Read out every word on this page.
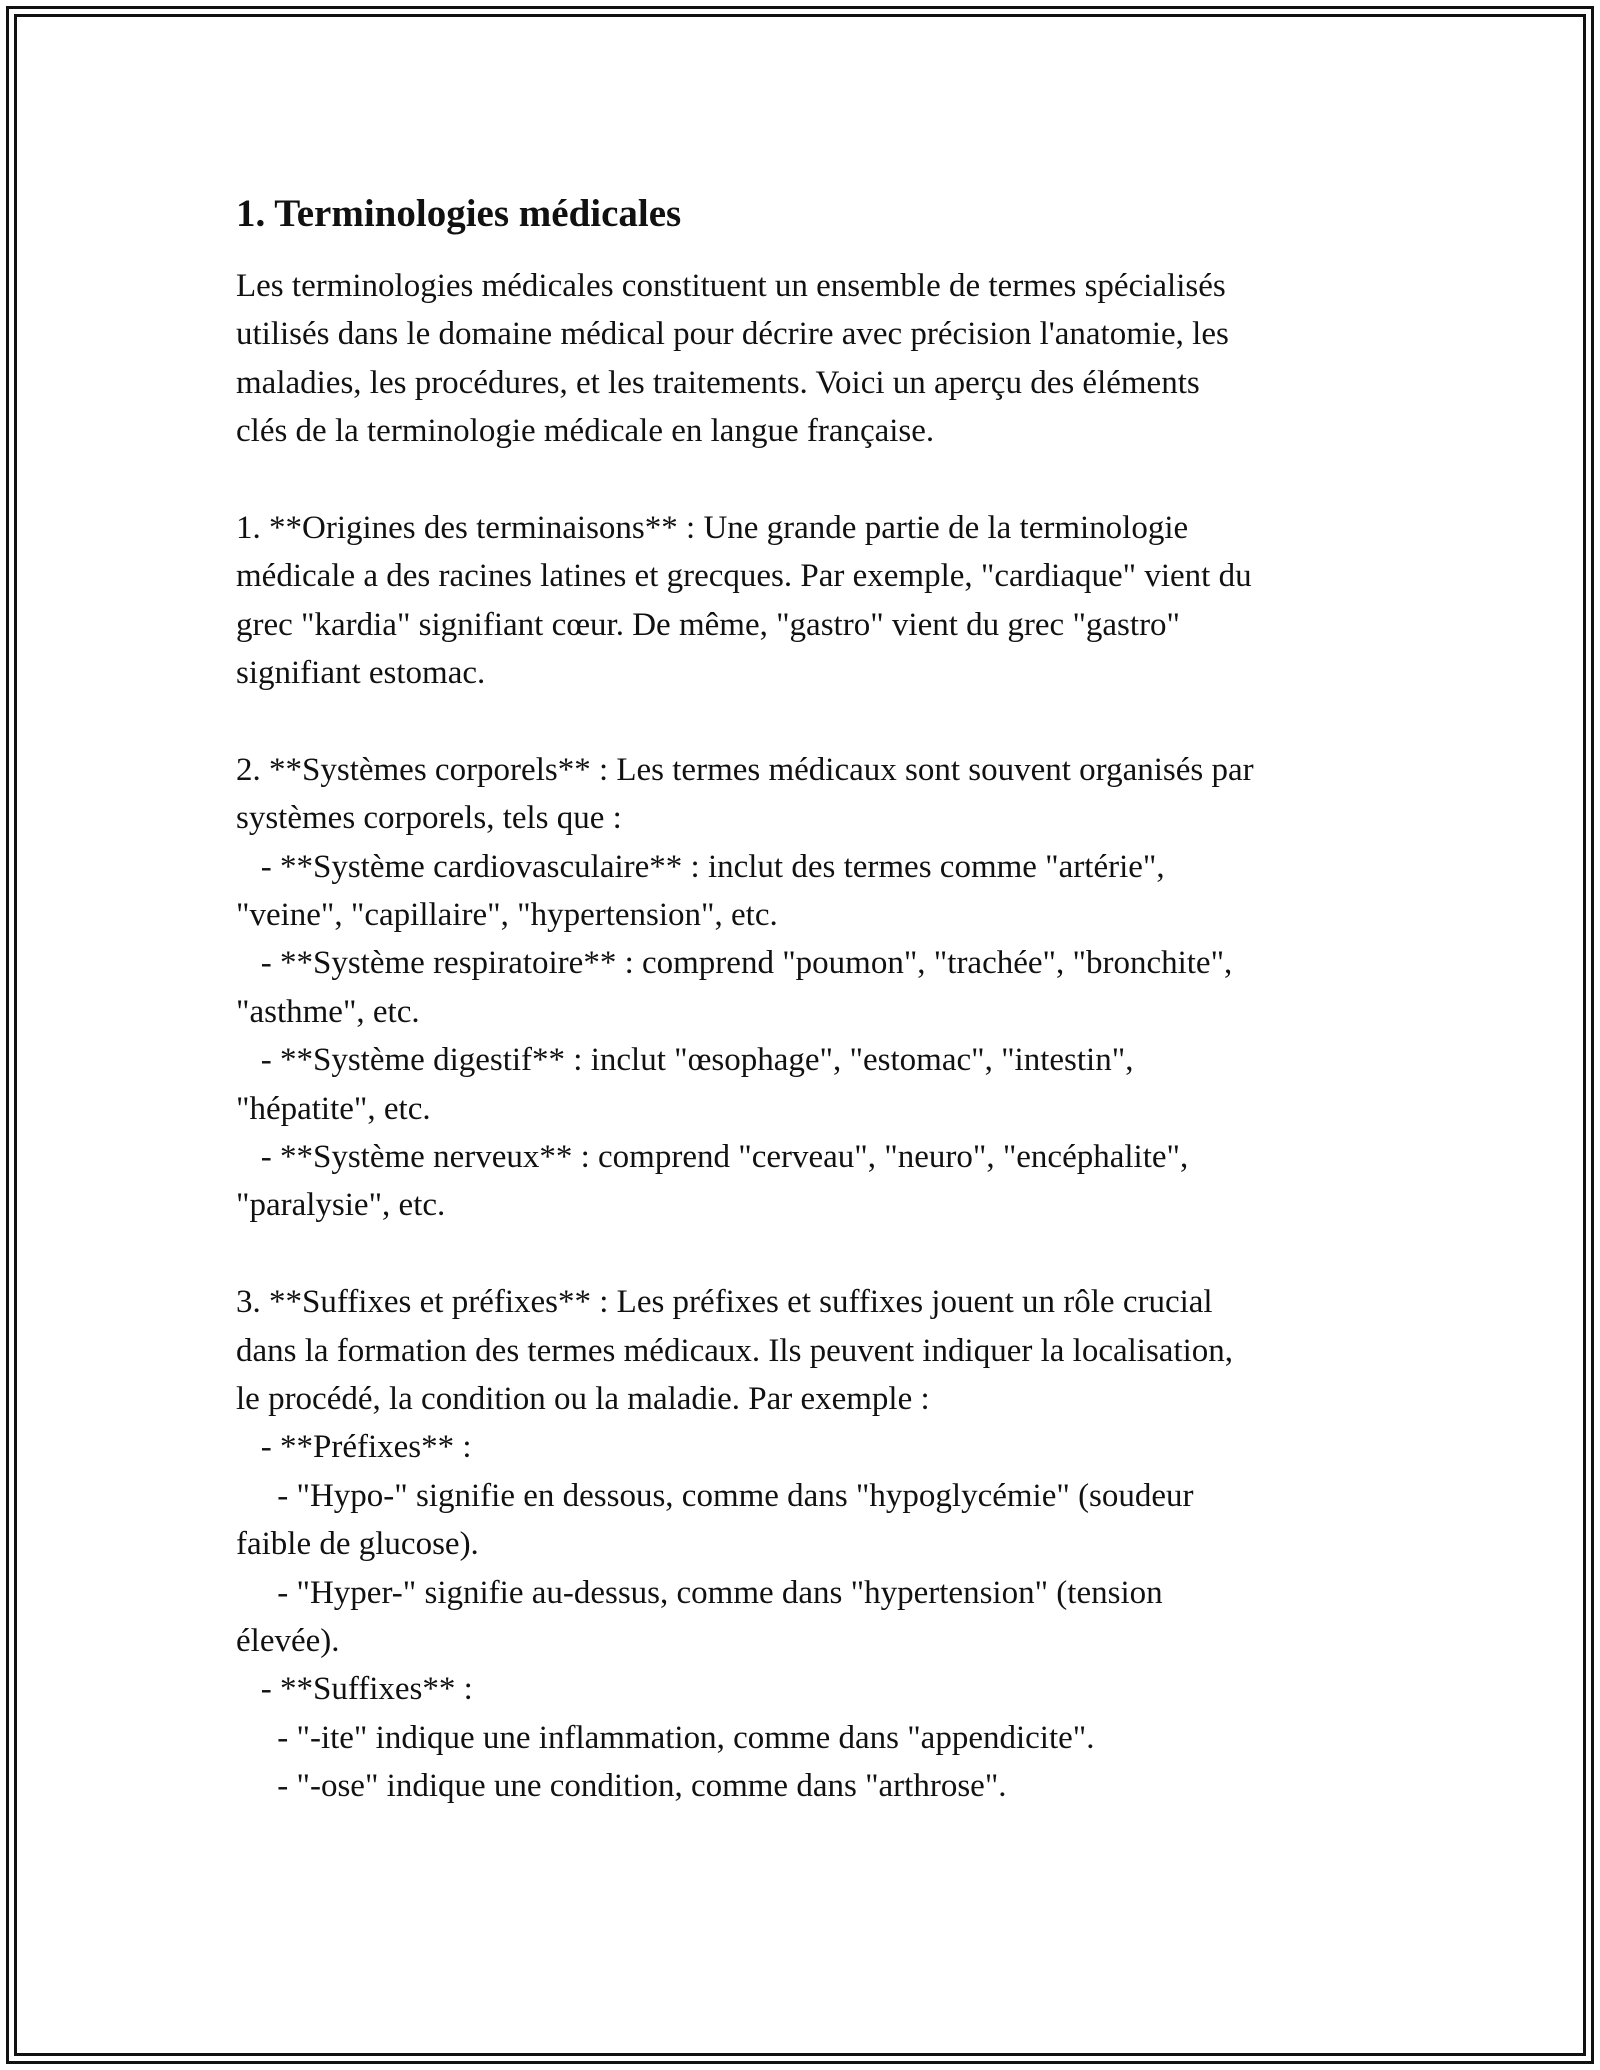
1. Terminologies médicales
Les terminologies médicales constituent un ensemble de termes spécialisés
utilisés dans le domaine médical pour décrire avec précision l'anatomie, les
maladies, les procédures, et les traitements. Voici un aperçu des éléments
clés de la terminologie médicale en langue française.
1. **Origines des terminaisons** : Une grande partie de la terminologie
médicale a des racines latines et grecques. Par exemple, "cardiaque" vient du
grec "kardia" signifiant cœur. De même, "gastro" vient du grec "gastro"
signifiant estomac.
2. **Systèmes corporels** : Les termes médicaux sont souvent organisés par
systèmes corporels, tels que :
- **Système cardiovasculaire** : inclut des termes comme "artérie",
"veine", "capillaire", "hypertension", etc.
- **Système respiratoire** : comprend "poumon", "trachée", "bronchite",
"asthme", etc.
- **Système digestif** : inclut "œsophage", "estomac", "intestin",
"hépatite", etc.
- **Système nerveux** : comprend "cerveau", "neuro", "encéphalite",
"paralysie", etc.
3. **Suffixes et préfixes** : Les préfixes et suffixes jouent un rôle crucial
dans la formation des termes médicaux. Ils peuvent indiquer la localisation,
le procédé, la condition ou la maladie. Par exemple :
- **Préfixes** :
- "Hypo-" signifie en dessous, comme dans "hypoglycémie" (soudeur
faible de glucose).
- "Hyper-" signifie au-dessus, comme dans "hypertension" (tension
élevée).
- **Suffixes** :
- "-ite" indique une inflammation, comme dans "appendicite".
- "-ose" indique une condition, comme dans "arthrose".
